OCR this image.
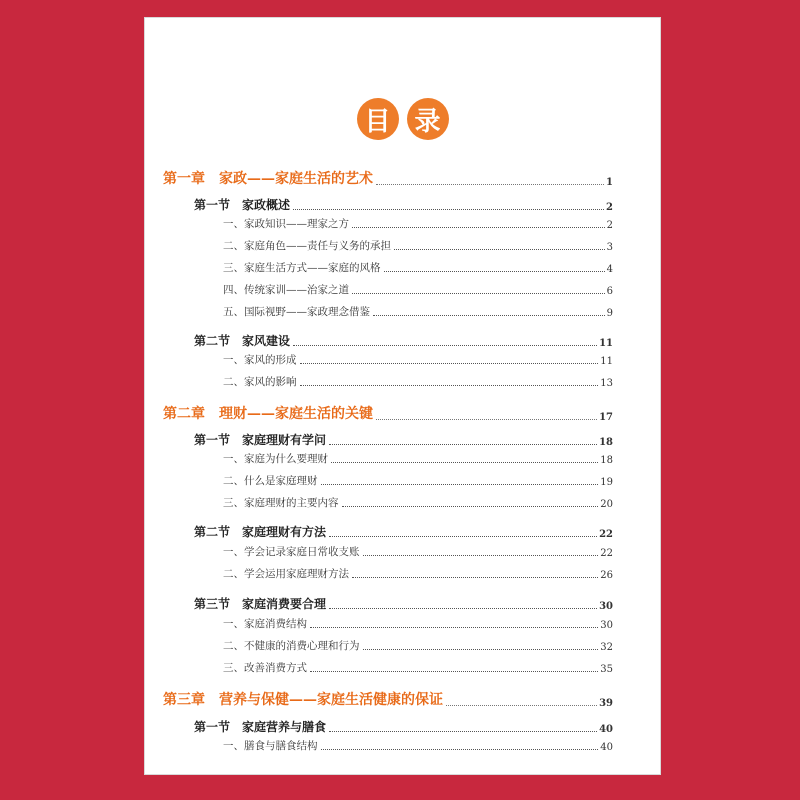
目 录
第一章 家政——家庭生活的艺术	1
第一节 家政概述	2
一、家政知识——理家之方	2
二、家庭角色——责任与义务的承担	3
三、家庭生活方式——家庭的风格	4
四、传统家训——治家之道	6
五、国际视野——家政理念借鉴	9
第二节 家风建设	11
一、家风的形成	11
二、家风的影响	13
第二章 理财——家庭生活的关键	17
第一节 家庭理财有学问	18
一、家庭为什么要理财	18
二、什么是家庭理财	19
三、家庭理财的主要内容	20
第二节 家庭理财有方法	22
一、学会记录家庭日常收支账	22
二、学会运用家庭理财方法	26
第三节 家庭消费要合理	30
一、家庭消费结构	30
二、不健康的消费心理和行为	32
三、改善消费方式	35
第三章 营养与保健——家庭生活健康的保证	39
第一节 家庭营养与膳食	40
一、膳食与膳食结构	40
